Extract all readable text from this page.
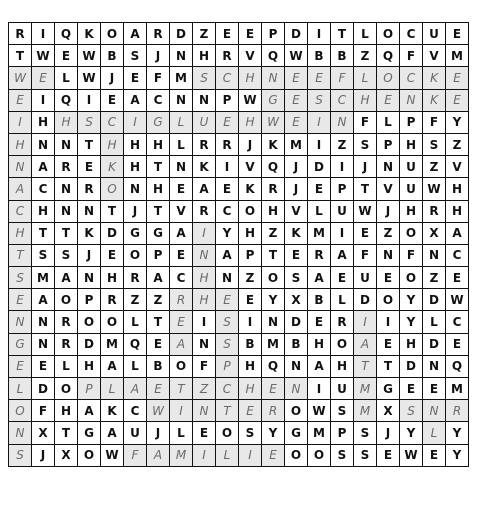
R	I	Q	K	O	A	R	D	Z	E	E	P	D	I	T	L	O	C	U	E
T	W	E	W	B	S	J	N	H	R	V	Q	W	B	B	Z	Q	F	V	M
W	E	L	W	J	E	F	M	S	C	H	N	E	E	F	L	O	C	K	E
E	I	Q	I	E	A	C	N	N	P	W	G	E	S	C	H	E	N	K	E
I	H	H	S	C	I	G	L	U	E	H	W	E	I	N	F	L	P	F	Y
H	N	N	T	H	H	H	L	R	R	J	K	M	I	Z	S	P	H	S	Z
N	A	R	E	K	H	T	N	K	I	V	Q	J	D	I	J	N	U	Z	V
A	C	N	R	O	N	H	E	A	E	K	R	J	E	P	T	V	U	W	H
C	H	N	N	T	J	T	V	R	C	O	H	V	L	U	W	J	H	R	H
H	T	T	K	D	G	G	A	I	Y	H	Z	K	M	I	E	Z	O	X	A
T	S	S	J	E	O	P	E	N	A	P	T	E	R	A	F	N	F	N	C
S	M	A	N	H	R	A	C	H	N	Z	O	S	A	E	U	E	O	Z	E
E	A	O	P	R	Z	Z	R	H	E	E	Y	X	B	L	D	O	Y	D	W
N	N	R	O	O	L	T	E	I	S	I	N	D	E	R	I	I	Y	L	C
G	N	R	D	M	Q	E	A	N	S	B	M	B	H	O	A	E	H	D	E
E	E	L	H	A	L	B	O	F	P	H	Q	N	A	H	T	T	D	N	Q
L	D	O	P	L	A	E	T	Z	C	H	E	N	I	U	M	G	E	E	M
O	F	H	A	K	C	W	I	N	T	E	R	O	W	S	M	X	S	N	R
N	X	T	G	A	U	J	L	E	O	S	Y	G	M	P	S	J	Y	L	Y
S	J	X	O	W	F	A	M	I	L	I	E	O	O	S	S	E	W	E	Y
